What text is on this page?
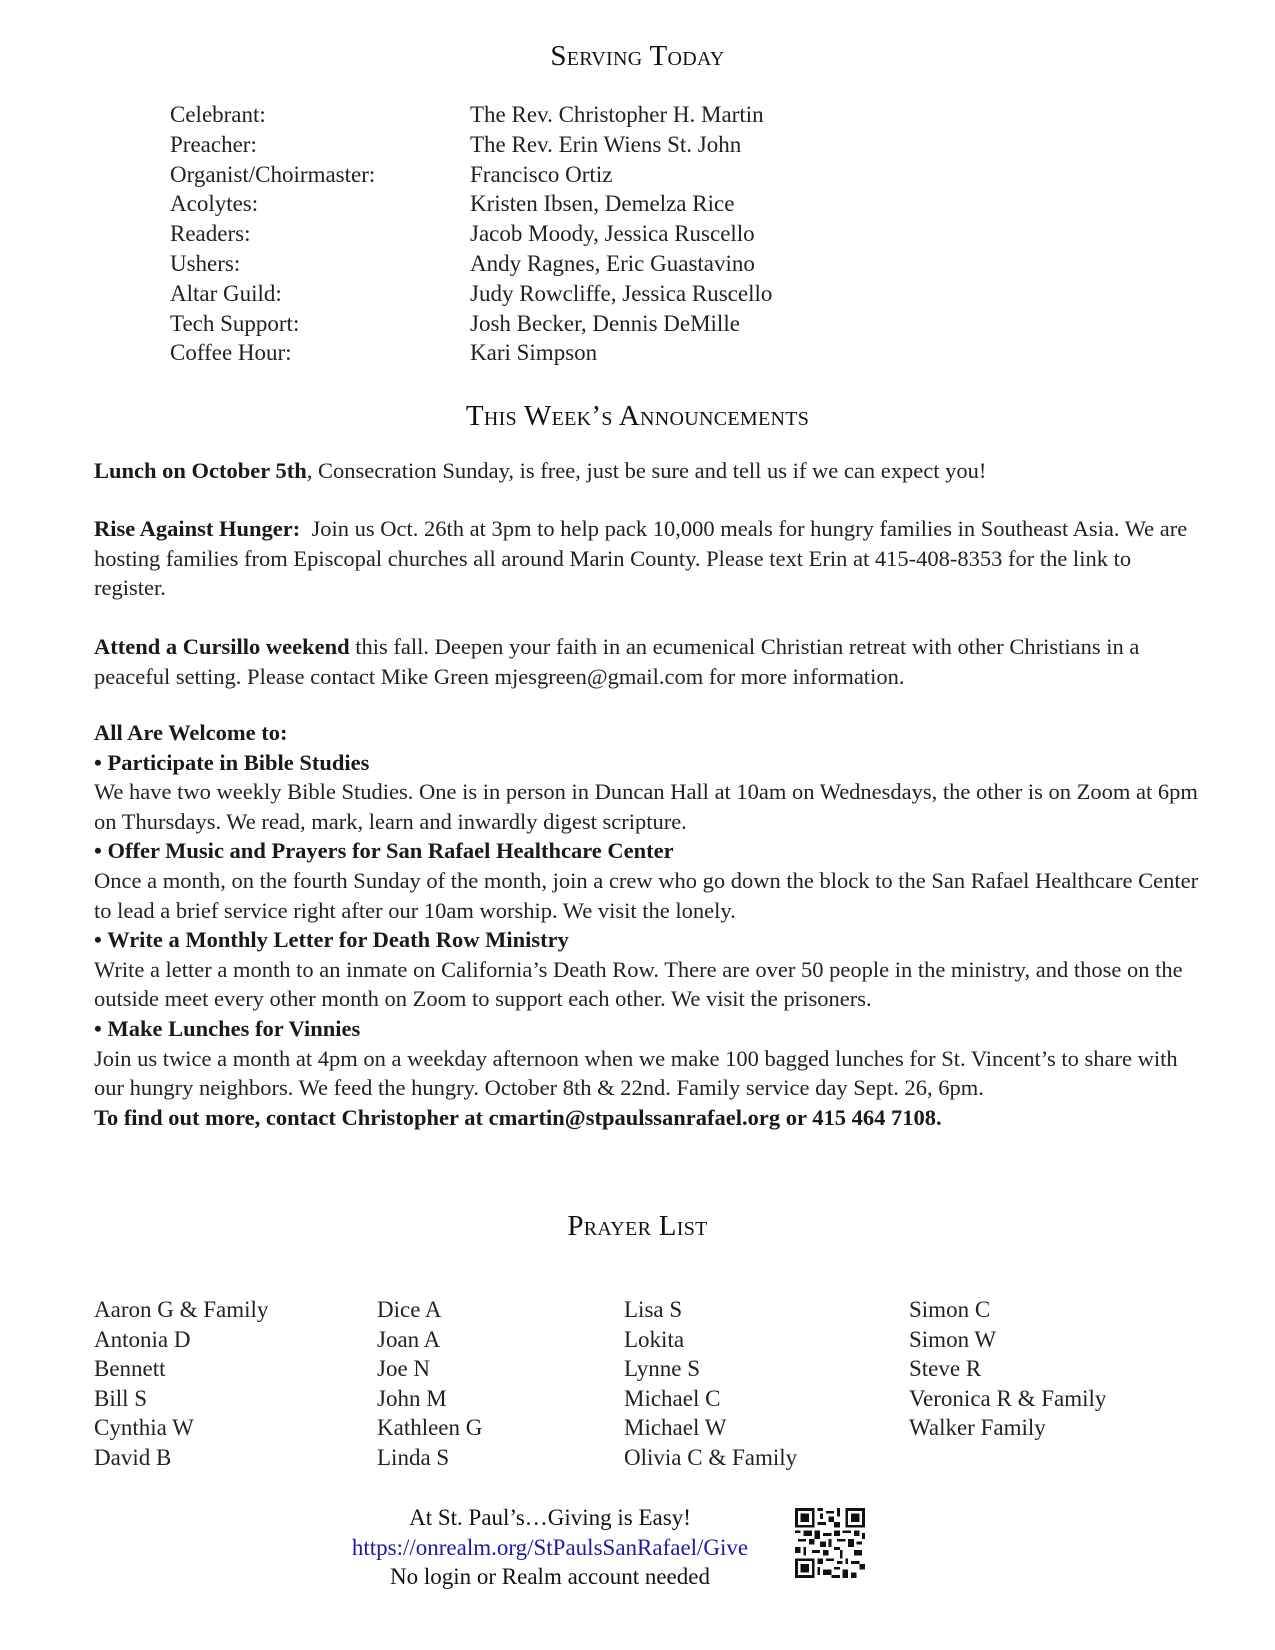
Serving Today
Celebrant:	The Rev. Christopher H. Martin
Preacher:	The Rev. Erin Wiens St. John
Organist/Choirmaster:	Francisco Ortiz
Acolytes:	Kristen Ibsen, Demelza Rice
Readers:	Jacob Moody, Jessica Ruscello
Ushers:	Andy Ragnes, Eric Guastavino
Altar Guild:	Judy Rowcliffe, Jessica Ruscello
Tech Support:	Josh Becker, Dennis DeMille
Coffee Hour:	Kari Simpson
This Week’s Announcements

Lunch on October 5th, Consecration Sunday, is free, just be sure and tell us if we can expect you!

Rise Against Hunger:  Join us Oct. 26th at 3pm to help pack 10,000 meals for hungry families in Southeast Asia. We are hosting families from Episcopal churches all around Marin County. Please text Erin at 415-408-8353 for the link to register.

Attend a Cursillo weekend this fall. Deepen your faith in an ecumenical Christian retreat with other Christians in a peaceful setting. Please contact Mike Green mjesgreen@gmail.com for more information.

All Are Welcome to:

• Participate in Bible Studies

We have two weekly Bible Studies. One is in person in Duncan Hall at 10am on Wednesdays, the other is on Zoom at 6pm on Thursdays. We read, mark, learn and inwardly digest scripture.

• Offer Music and Prayers for San Rafael Healthcare Center

Once a month, on the fourth Sunday of the month, join a crew who go down the block to the San Rafael Healthcare Center to lead a brief service right after our 10am worship. We visit the lonely.

• Write a Monthly Letter for Death Row Ministry

Write a letter a month to an inmate on California’s Death Row. There are over 50 people in the ministry, and those on the outside meet every other month on Zoom to support each other. We visit the prisoners.

• Make Lunches for Vinnies

Join us twice a month at 4pm on a weekday afternoon when we make 100 bagged lunches for St. Vincent’s to share with our hungry neighbors. We feed the hungry. October 8th & 22nd. Family service day Sept. 26, 6pm.

To find out more, contact Christopher at cmartin@stpaulssanrafael.org or 415 464 7108.

Prayer List
Aaron G & Family
Antonia D
Bennett
Bill S
Cynthia W
David B
Dice A
Joan A
Joe N
John M
Kathleen G
Linda S
Lisa S
Lokita
Lynne S
Michael C
Michael W
Olivia C & Family
Simon C
Simon W
Steve R
Veronica R & Family
Walker Family
At St. Paul’s…Giving is Easy!
https://onrealm.org/StPaulsSanRafael/Give
No login or Realm account needed
